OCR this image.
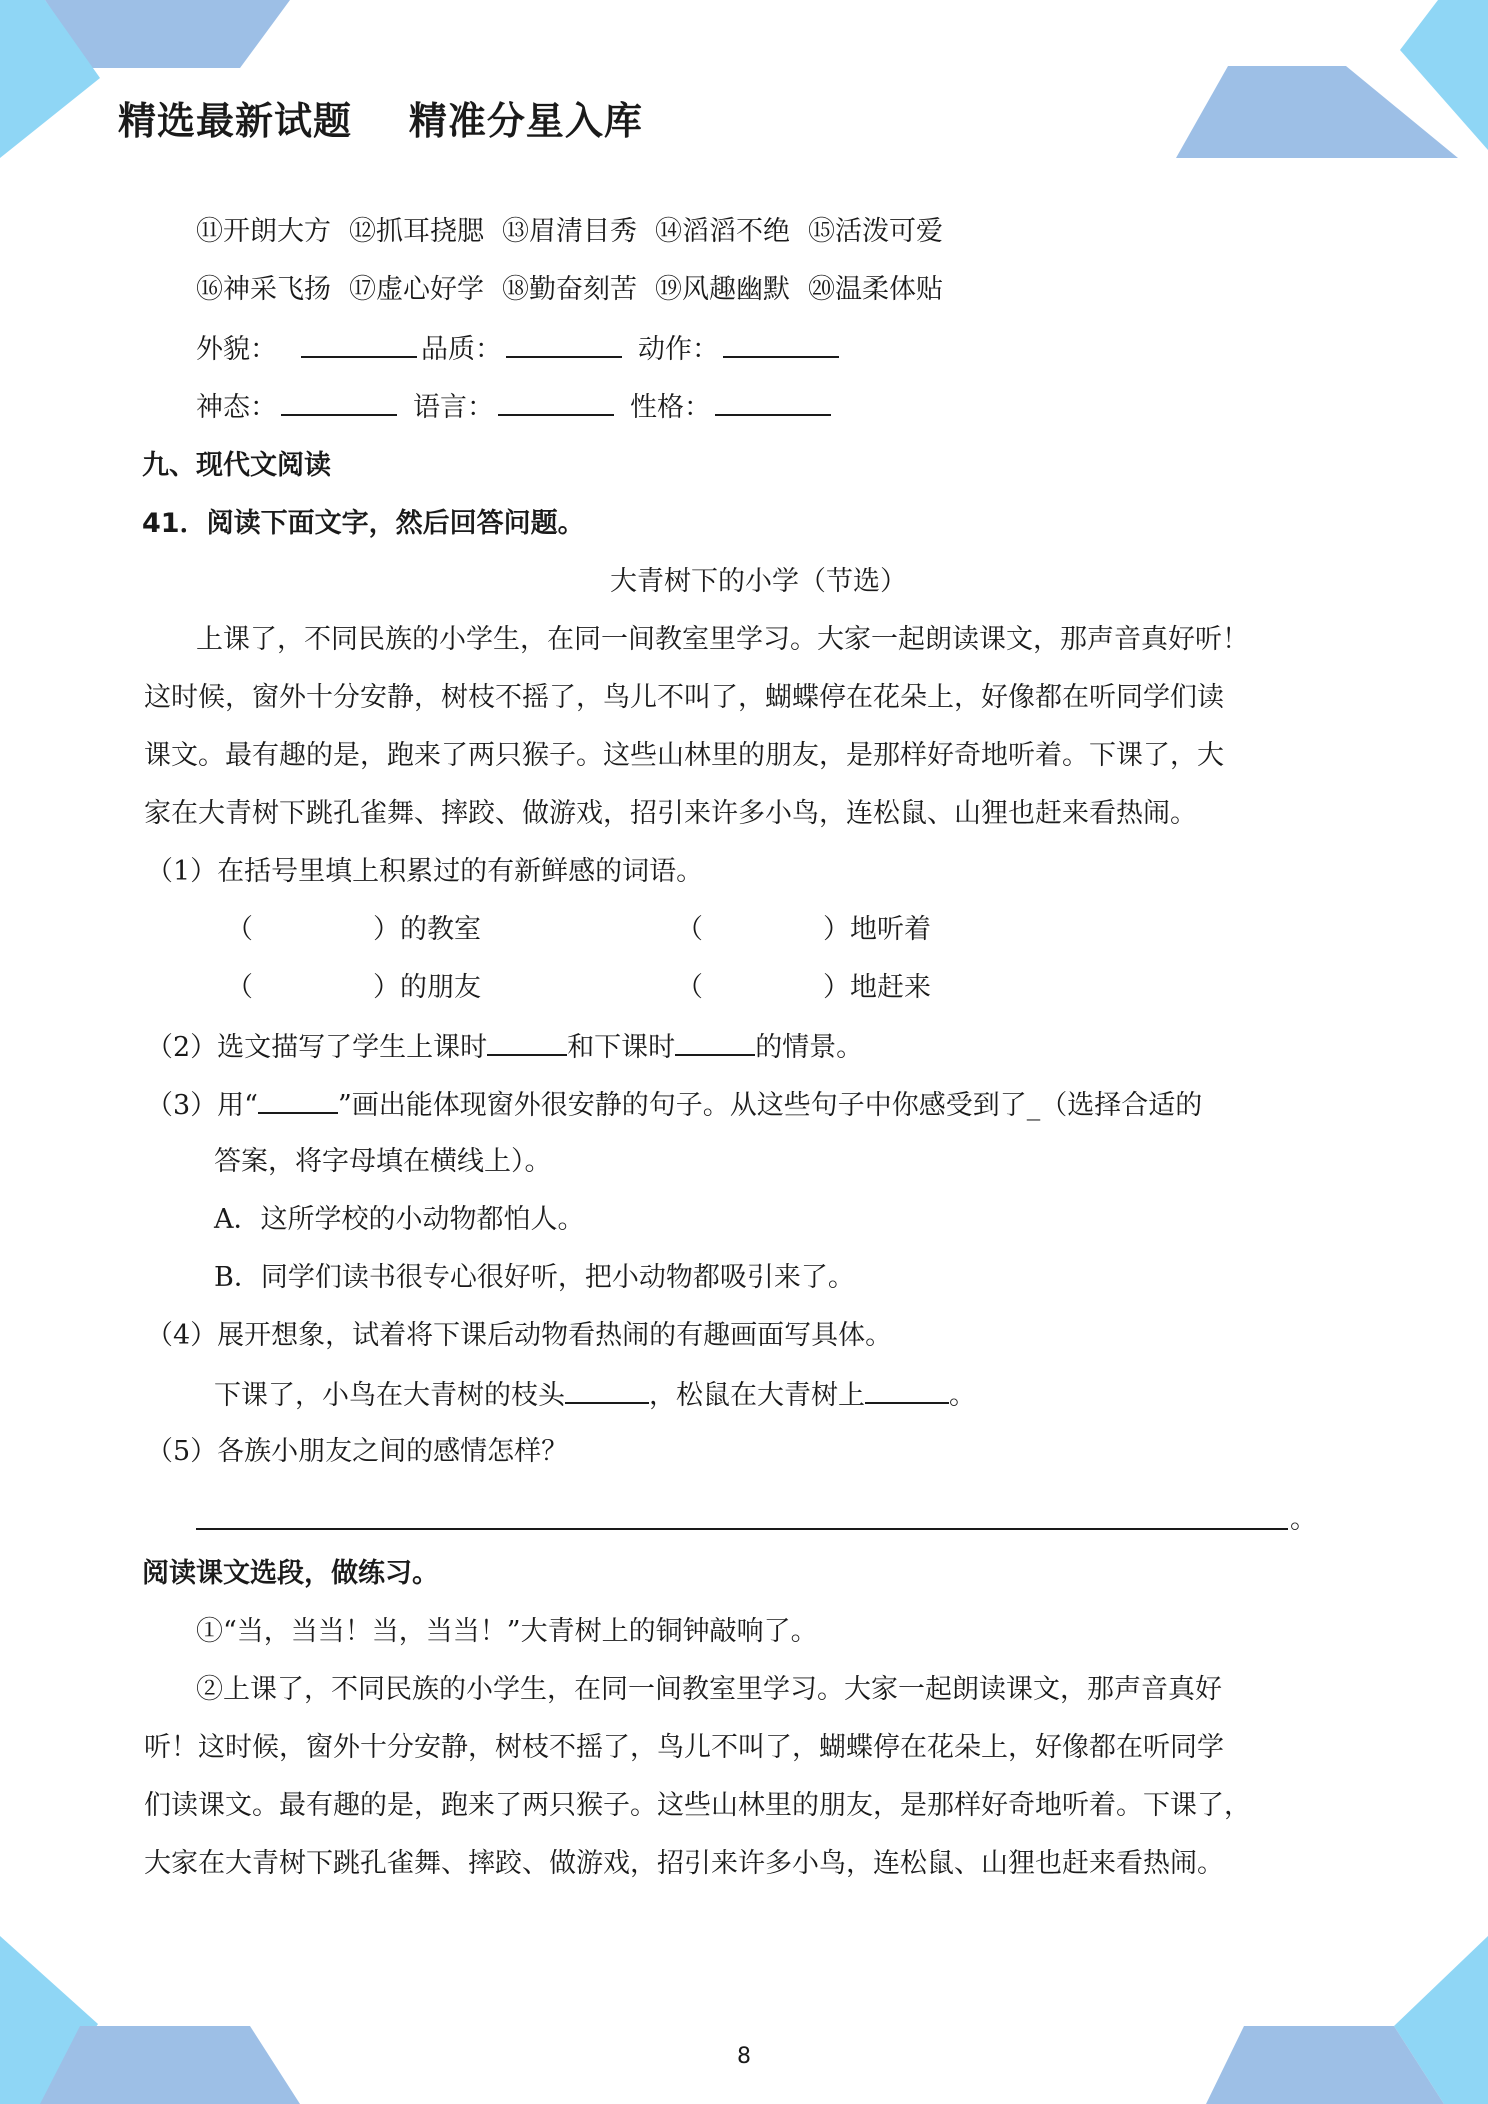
精选最新试题    精准分星入库
⑪开朗大方 ⑫抓耳挠腮 ⑬眉清目秀 ⑭滔滔不绝 ⑮活泼可爱
⑯神采飞扬 ⑰虚心好学 ⑱勤奋刻苦 ⑲风趣幽默 ⑳温柔体贴
外貌：	品质：	动作：
神态：	语言：	性格：
九、现代文阅读
41．阅读下面文字，然后回答问题。
大青树下的小学（节选）
上课了，不同民族的小学生，在同一间教室里学习。大家一起朗读课文，那声音真好听！
这时候，窗外十分安静，树枝不摇了，鸟儿不叫了，蝴蝶停在花朵上，好像都在听同学们读
课文。最有趣的是，跑来了两只猴子。这些山林里的朋友，是那样好奇地听着。下课了，大
家在大青树下跳孔雀舞、摔跤、做游戏，招引来许多小鸟，连松鼠、山狸也赶来看热闹。
（1）在括号里填上积累过的有新鲜感的词语。
（	）的教室	（	）地听着
（	）的朋友	（	）地赶来
（2）选文描写了学生上课时	和下课时	的情景。
（3）用“	”画出能体现窗外很安静的句子。从这些句子中你感受到了_（选择合适的
答案，将字母填在横线上）。
A．这所学校的小动物都怕人。
B．同学们读书很专心很好听，把小动物都吸引来了。
（4）展开想象，试着将下课后动物看热闹的有趣画面写具体。
下课了，小鸟在大青树的枝头	，松鼠在大青树上	。
（5）各族小朋友之间的感情怎样？
。
阅读课文选段，做练习。
①“当，当当！当，当当！”大青树上的铜钟敲响了。
②上课了，不同民族的小学生，在同一间教室里学习。大家一起朗读课文，那声音真好
听！这时候，窗外十分安静，树枝不摇了，鸟儿不叫了，蝴蝶停在花朵上，好像都在听同学
们读课文。最有趣的是，跑来了两只猴子。这些山林里的朋友，是那样好奇地听着。下课了，
大家在大青树下跳孔雀舞、摔跤、做游戏，招引来许多小鸟，连松鼠、山狸也赶来看热闹。
8
